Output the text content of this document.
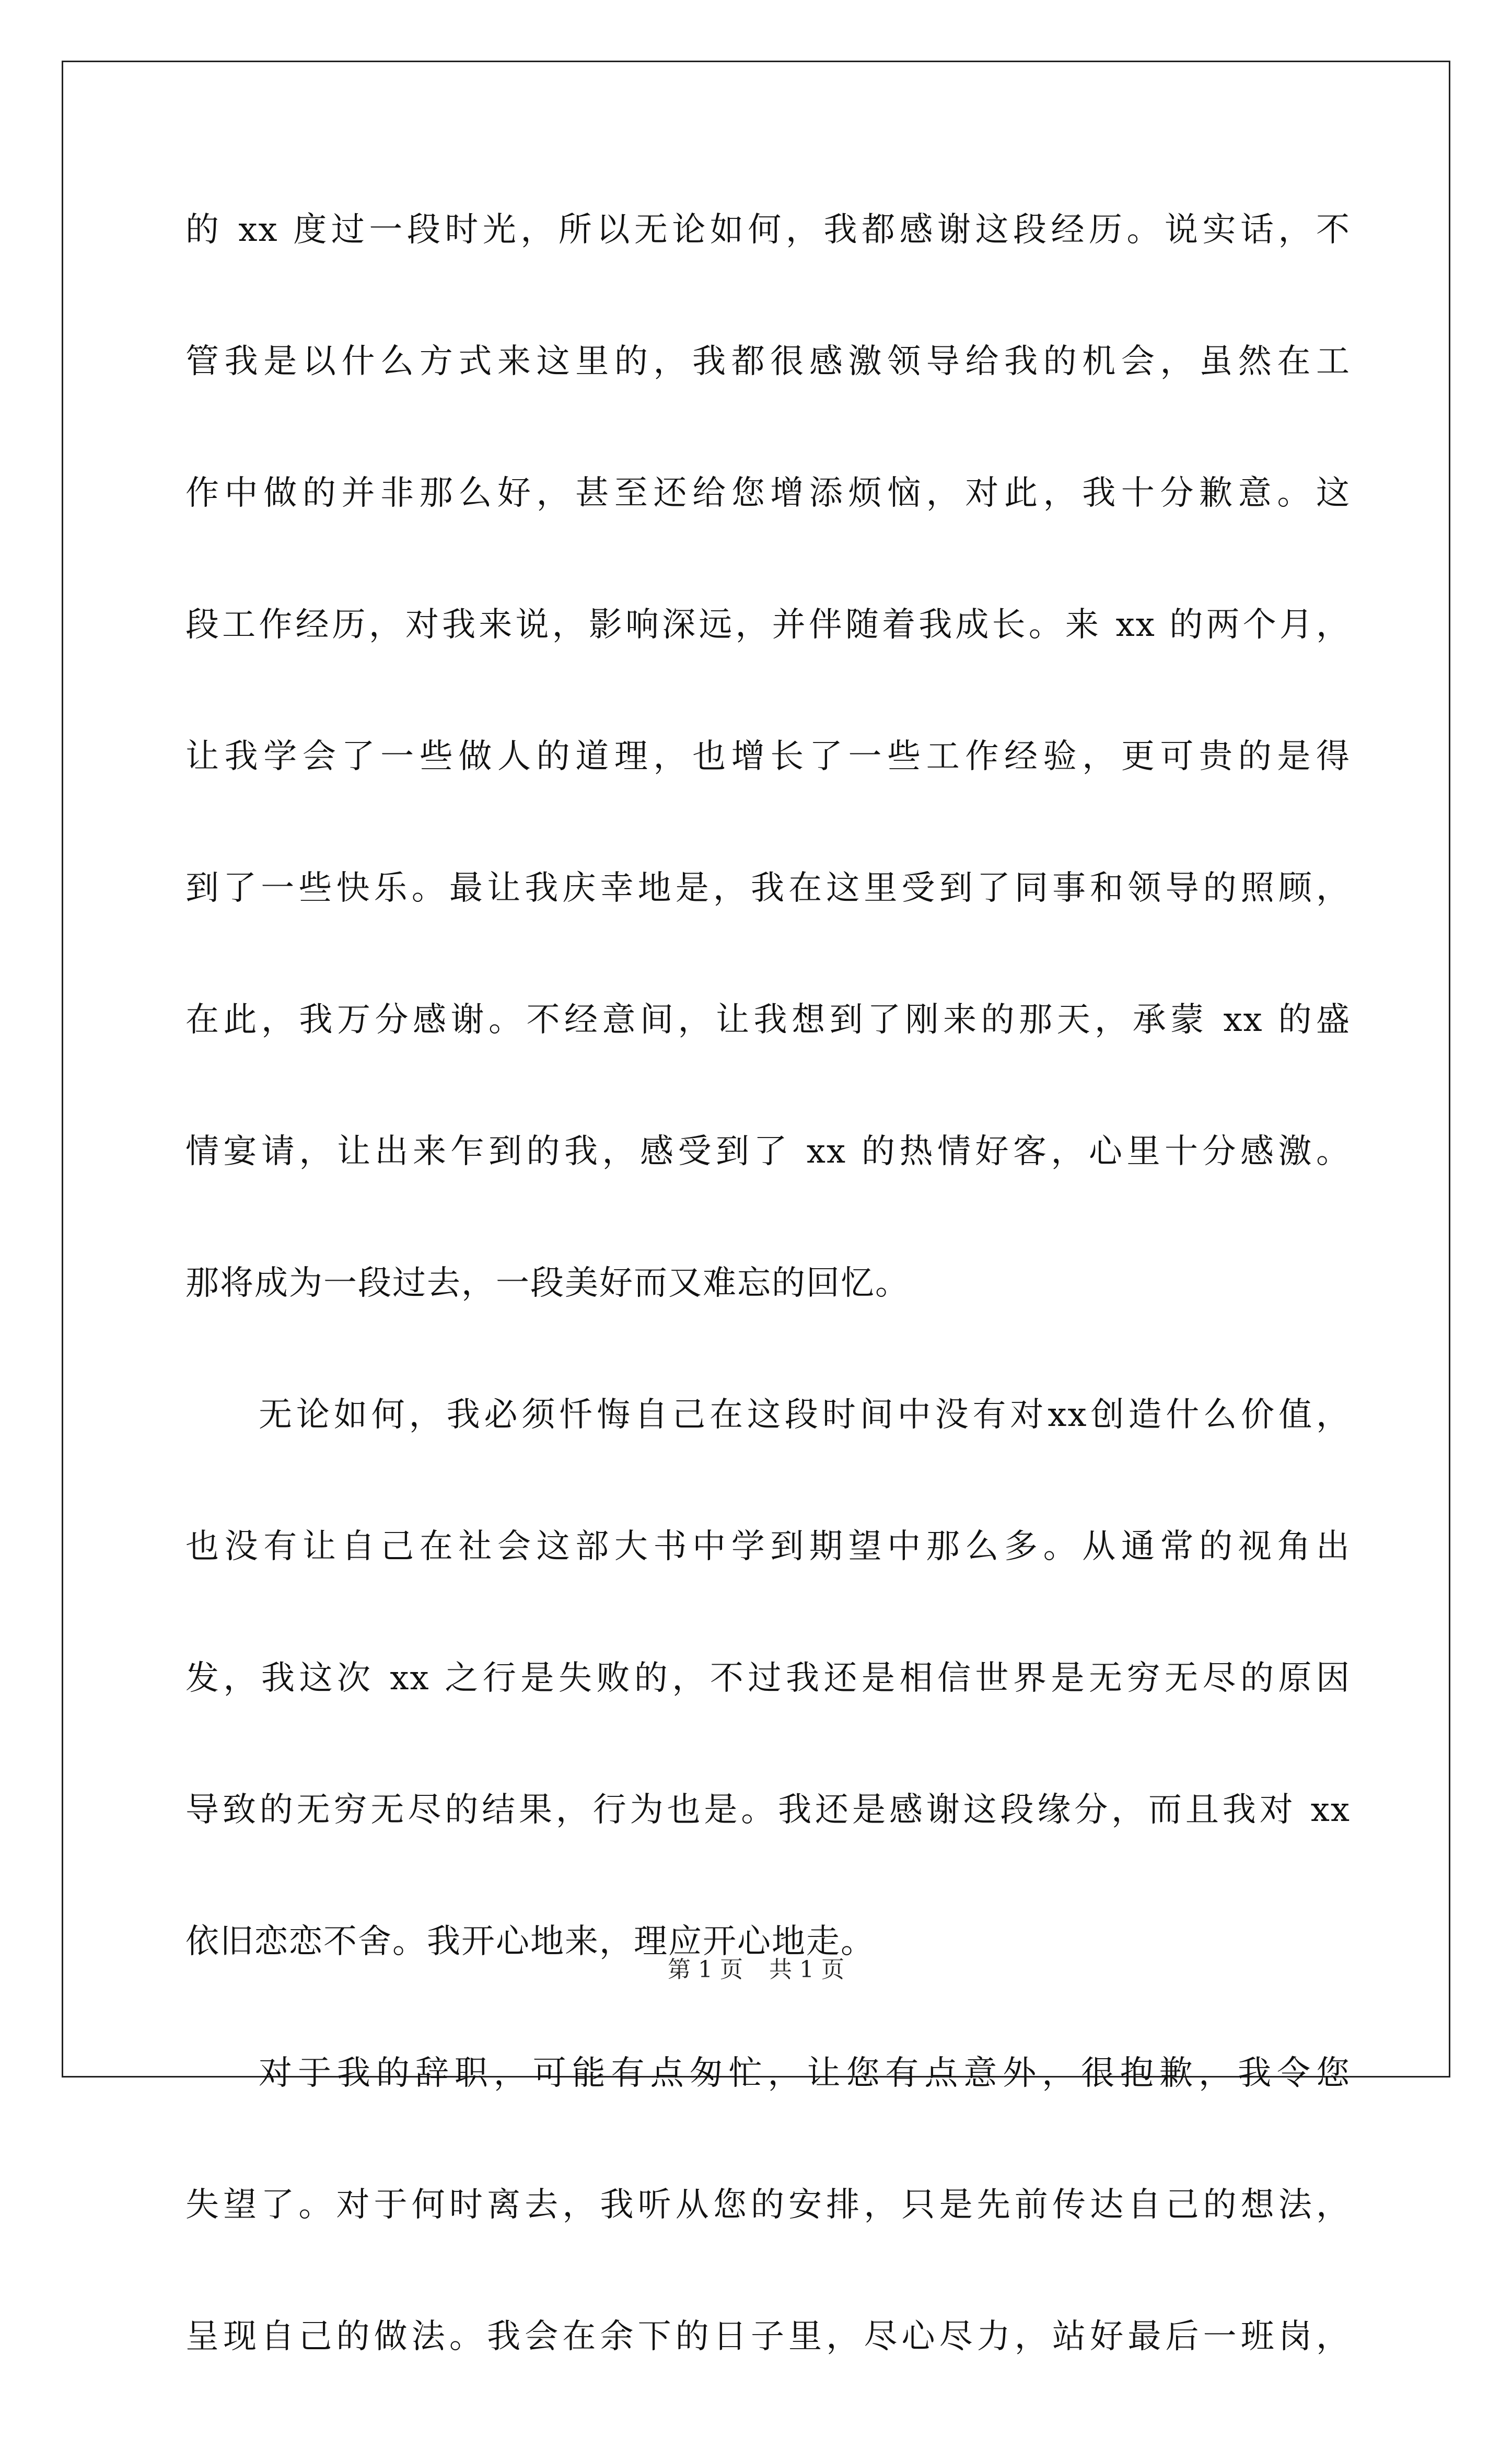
的 xx 度过一段时光，所以无论如何，我都感谢这段经历。说实话，不
管我是以什么方式来这里的，我都很感激领导给我的机会，虽然在工
作中做的并非那么好，甚至还给您增添烦恼，对此，我十分歉意。这
段工作经历，对我来说，影响深远，并伴随着我成长。来 xx 的两个月，
让我学会了一些做人的道理，也增长了一些工作经验，更可贵的是得
到了一些快乐。最让我庆幸地是，我在这里受到了同事和领导的照顾，
在此，我万分感谢。不经意间，让我想到了刚来的那天，承蒙 xx 的盛
情宴请，让出来乍到的我，感受到了 xx 的热情好客，心里十分感激。
那将成为一段过去，一段美好而又难忘的回忆。
无论如何，我必须忏悔自己在这段时间中没有对xx创造什么价值，
也没有让自己在社会这部大书中学到期望中那么多。从通常的视角出
发，我这次 xx 之行是失败的，不过我还是相信世界是无穷无尽的原因
导致的无穷无尽的结果，行为也是。我还是感谢这段缘分，而且我对 xx
依旧恋恋不舍。我开心地来，理应开心地走。
对于我的辞职，可能有点匆忙，让您有点意外，很抱歉，我令您
失望了。对于何时离去，我听从您的安排，只是先前传达自己的想法，
呈现自己的做法。我会在余下的日子里，尽心尽力，站好最后一班岗，
第 1 页 共 1 页
